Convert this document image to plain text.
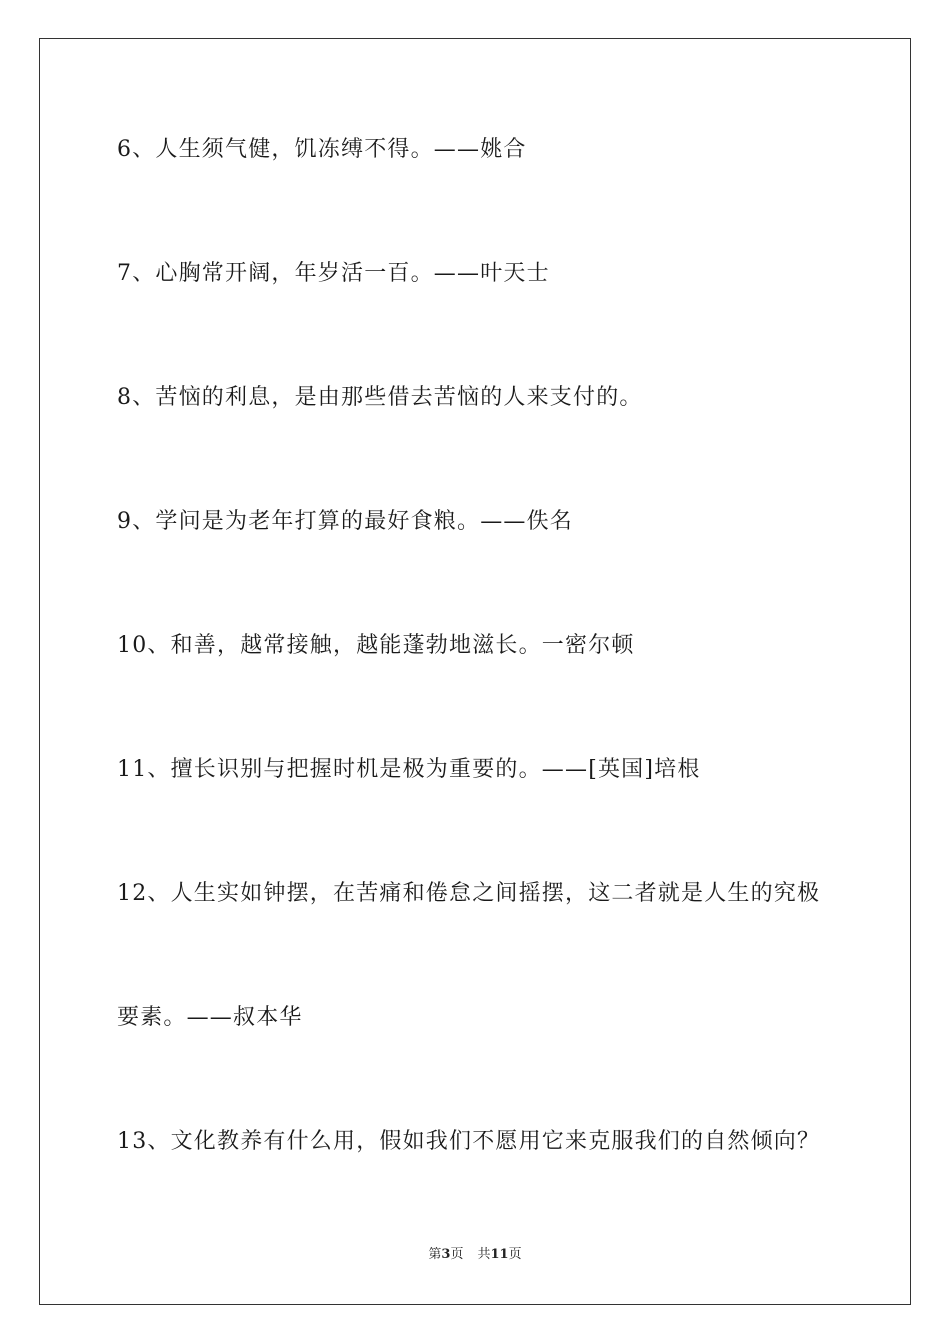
6、人生须气健，饥冻缚不得。——姚合
7、心胸常开阔，年岁活一百。——叶天士
8、苦恼的利息，是由那些借去苦恼的人来支付的。
9、学问是为老年打算的最好食粮。——佚名
10、和善，越常接触，越能蓬勃地滋长。一密尔顿
11、擅长识别与把握时机是极为重要的。——[英国]培根
12、人生实如钟摆，在苦痛和倦怠之间摇摆，这二者就是人生的究极
要素。——叔本华
13、文化教养有什么用，假如我们不愿用它来克服我们的自然倾向？
第3页 共11页
